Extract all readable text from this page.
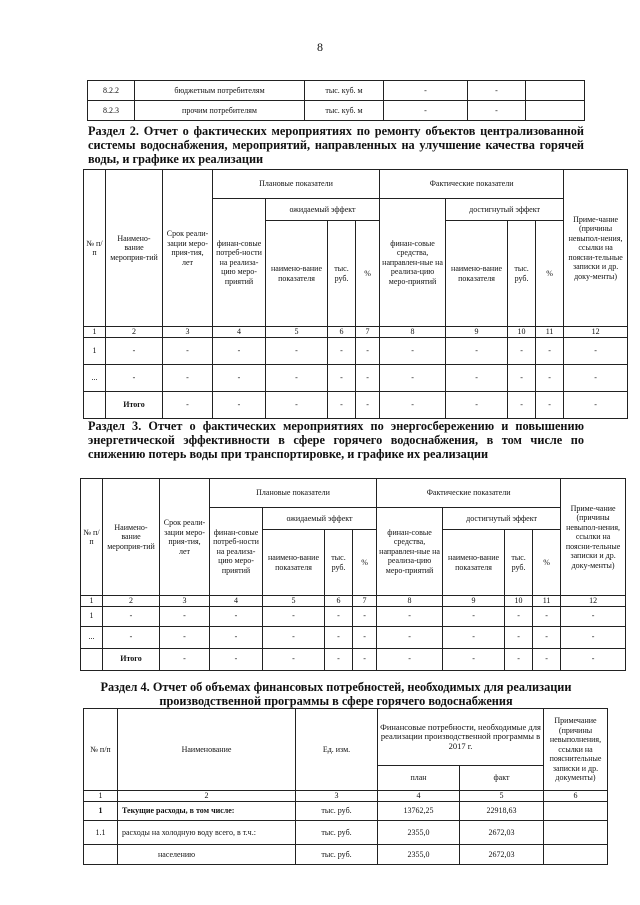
8
8.2.2	бюджетным потребителям	тыс. куб. м	-	-	
8.2.3	прочим потребителям	тыс. куб. м	-	-	
Раздел 2. Отчет о фактических мероприятиях по ремонту объектов централизованной системы водоснабжения, мероприятий, направленных на улучшение качества горячей воды, и графике их реализации
№ п/п	Наимено-вание мероприя-тий	Срок реали-зации меро-прия-тия, лет	Плановые показатели				Фактические показатели				Приме-чание (причины невыпол-нения, ссылки на поясни-тельные записки и др. доку-менты)
			финан-совые потреб-ности на реализа-цию меро-приятий	ожидаемый эффект			финан-совые средства, направлен-ные на реализа-цию меро-приятий	достигнутый эффект			
				наимено-вание показателя	тыс. руб.	%		наимено-вание показателя	тыс. руб.	%	
1	2	3	4	5	6	7	8	9	10	11	12
1	-	-	-	-	-	-	-	-	-	-	-
...	-	-	-	-	-	-	-	-	-	-	-
	Итого	-	-	-	-	-	-	-	-	-	-
Раздел 3. Отчет о фактических мероприятиях по энергосбережению и повышению энергетической эффективности в сфере горячего водоснабжения, в том числе по снижению потерь воды при транспортировке, и графике их реализации
№ п/п	Наимено-вание мероприя-тий	Срок реали-зации меро-прия-тия, лет	Плановые показатели				Фактические показатели				Приме-чание (причины невыпол-нения, ссылки на поясни-тельные записки и др. доку-менты)
			финан-совые потреб-ности на реализа-цию меро-приятий	ожидаемый эффект			финан-совые средства, направлен-ные на реализа-цию меро-приятий	достигнутый эффект			
				наимено-вание показателя	тыс. руб.	%		наимено-вание показателя	тыс. руб.	%	
1	2	3	4	5	6	7	8	9	10	11	12
1	-	-	-	-	-	-	-	-	-	-	-
...	-	-	-	-	-	-	-	-	-	-	-
	Итого	-	-	-	-	-	-	-	-	-	-
Раздел 4. Отчет об объемах финансовых потребностей, необходимых для реализации производственной программы в сфере горячего водоснабжения
№ п/п	Наименование	Ед. изм.	Финансовые потребности, необходимые для реализации производственной программы в 2017 г.		Примечание (причины невыполнения, ссылки на пояснительные записки и др. документы)
			план	факт	
1	2	3	4	5	6
1	Текущие расходы, в том числе:	тыс. руб.	13762,25	22918,63	
1.1	расходы на холодную воду всего, в т.ч.:	тыс. руб.	2355,0	2672,03	
	населению	тыс. руб.	2355,0	2672,03	
